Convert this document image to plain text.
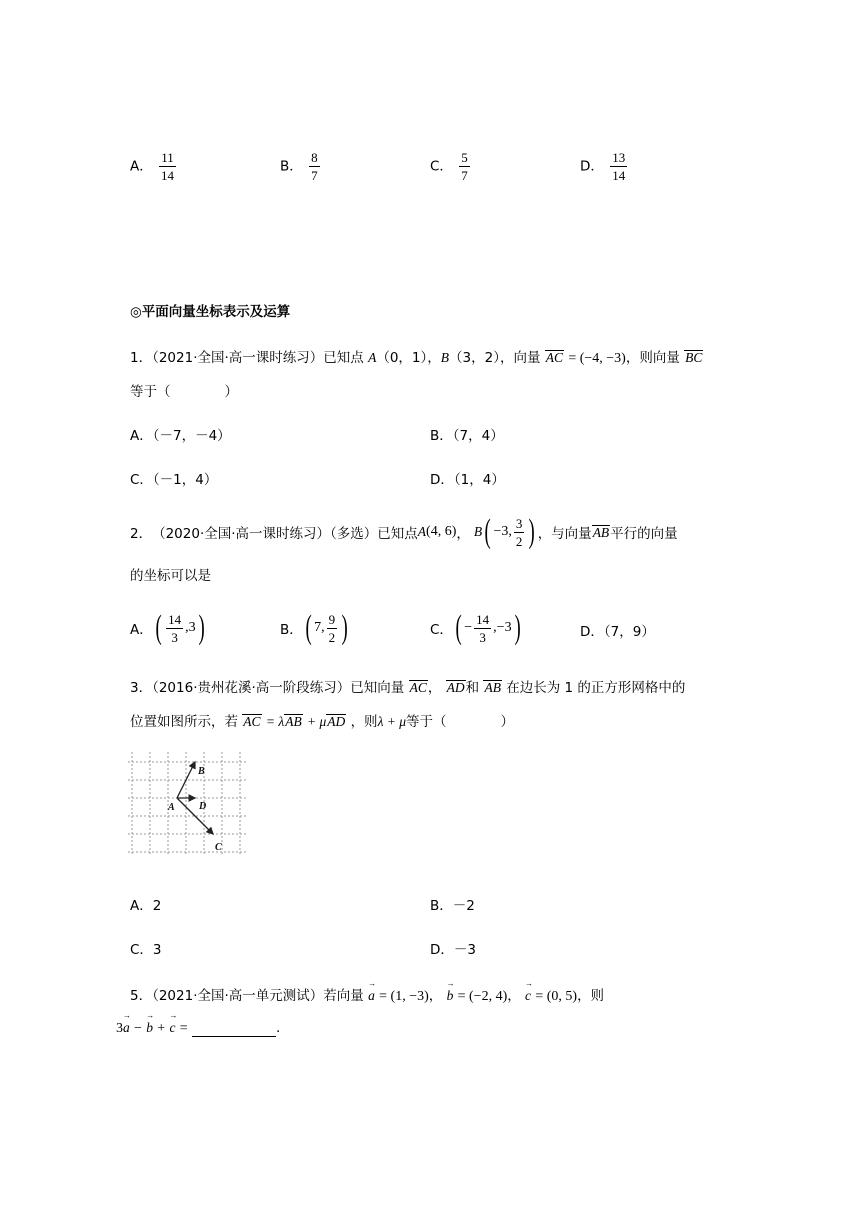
A． $\frac{11}{14}$	B． $\frac{8}{7}$	C． $\frac{5}{7}$	D． $\frac{13}{14}$
◎平面向量坐标表示及运算
1．（2021·全国·高一课时练习）已知点 A（0，1），B（3，2），向量 AC = (−4, −3)，则向量 BC
等于（　　　　）
A．（－7，－4）	B．（7，4）
C．（－1，4）	D．（1，4）
2． （2020·全国·高一课时练习）（多选）已知点 A (4, 6) ， B ( −3, $\frac{3}{2}$ ) ，与向量 AB 平行的向量
的坐标可以是
A． ( $\frac{14}{3} ,3$ )	B． ( 7, $\frac{9}{2}$ )	C． ( − $\frac{14}{3} ,-3$ )	D．（7，9）
3．（2016·贵州花溪·高一阶段练习）已知向量 AC， AD和 AB 在边长为 1 的正方形网格中的
位置如图所示，若 AC = λAB + μAD ，则λ + μ等于（　　　　）
A
B
D
C
A．2	B．－2
C．3	D．－3
5．（2021·全国·高一单元测试）若向量 → a = (1, −3)， → b = (−2, 4)， → c = (0, 5)，则
3→ a − → b + → c =	.
